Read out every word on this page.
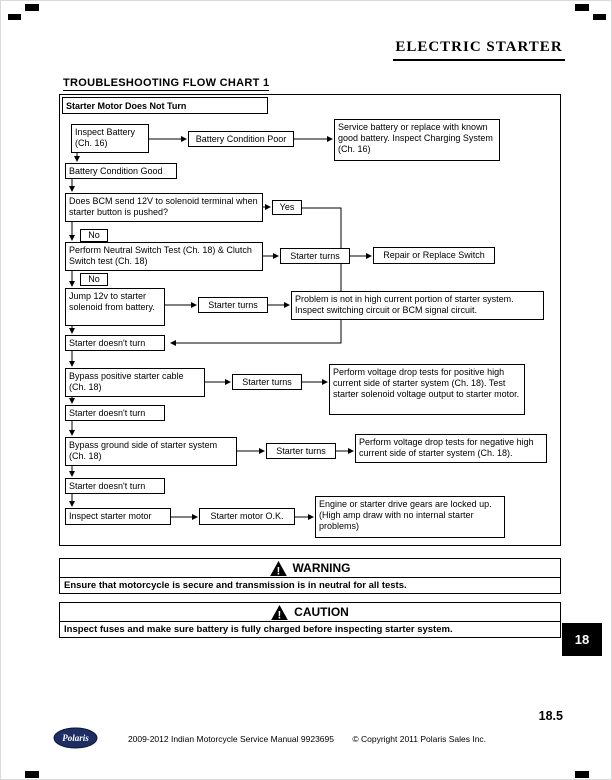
ELECTRIC STARTER
TROUBLESHOOTING FLOW CHART 1
Starter Motor Does Not Turn
Inspect Battery (Ch. 16)	Battery Condition Poor
Service battery or replace with known good battery. Inspect Charging System (Ch. 16)
Battery Condition Good
Does BCM send 12V to solenoid terminal when starter button is pushed?	Yes
No
Perform Neutral Switch Test (Ch. 18) & Clutch Switch test (Ch. 18)
Starter turns	Repair or Replace Switch
No
Jump 12v to starter solenoid from battery.	Starter turns
Problem is not in high current portion of starter system. Inspect switching circuit or BCM signal circuit.
Starter doesn't turn
Bypass positive starter cable (Ch. 18)
Starter turns
Perform voltage drop tests for positive high current side of starter system (Ch. 18). Test starter solenoid voltage output to starter motor.
Starter doesn't turn
Bypass ground side of starter system (Ch. 18)
Starter turns
Perform voltage drop tests for negative high current side of starter system (Ch. 18).
Starter doesn't turn
Inspect starter motor	Starter motor O.K.
Engine or starter drive gears are locked up. (High amp draw with no internal starter problems)
! WARNING
Ensure that motorcycle is secure and transmission is in neutral for all tests.
! CAUTION
Inspect fuses and make sure battery is fully charged before inspecting starter system.
18
18.5
Polaris	2009-2012 Indian Motorcycle Service Manual 9923695 © Copyright 2011 Polaris Sales Inc.
